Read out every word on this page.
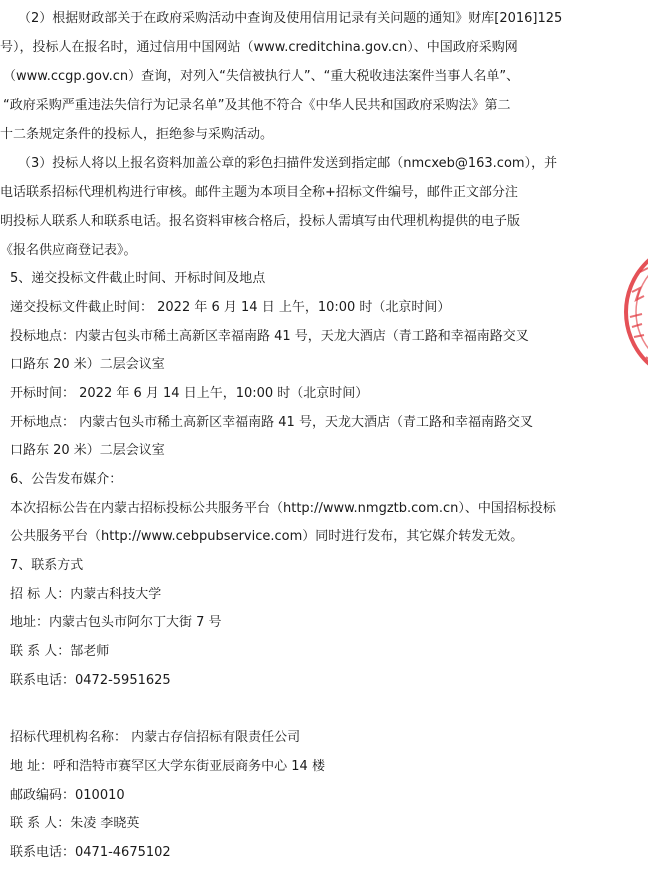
（2）根据财政部关于在政府采购活动中查询及使用信用记录有关问题的通知》财库[2016]125
号），投标人在报名时，通过信用中国网站（www.creditchina.gov.cn）、中国政府采购网
（www.ccgp.gov.cn）查询，对列入“失信被执行人”、“重大税收违法案件当事人名单”、
“政府采购严重违法失信行为记录名单”及其他不符合《中华人民共和国政府采购法》第二
十二条规定条件的投标人，拒绝参与采购活动。
（3）投标人将以上报名资料加盖公章的彩色扫描件发送到指定邮（nmcxeb@163.com），并
电话联系招标代理机构进行审核。邮件主题为本项目全称+招标文件编号，邮件正文部分注
明投标人联系人和联系电话。报名资料审核合格后，投标人需填写由代理机构提供的电子版
《报名供应商登记表》。
5、递交投标文件截止时间、开标时间及地点
递交投标文件截止时间： 2022 年 6 月 14 日 上午，10:00 时（北京时间）
投标地点：内蒙古包头市稀土高新区幸福南路 41 号，天龙大酒店（青工路和幸福南路交叉
口路东 20 米）二层会议室
开标时间： 2022 年 6 月 14 日上午，10:00 时（北京时间）
开标地点： 内蒙古包头市稀土高新区幸福南路 41 号，天龙大酒店（青工路和幸福南路交叉
口路东 20 米）二层会议室
6、公告发布媒介：
本次招标公告在内蒙古招标投标公共服务平台（http://www.nmgztb.com.cn）、中国招标投标
公共服务平台（http://www.cebpubservice.com）同时进行发布，其它媒介转发无效。
7、联系方式
招 标 人：内蒙古科技大学
地址：内蒙古包头市阿尔丁大街 7 号
联 系 人：郜老师
联系电话：0472-5951625
招标代理机构名称： 内蒙古存信招标有限责任公司
地 址：呼和浩特市赛罕区大学东街亚辰商务中心 14 楼
邮政编码：010010
联 系 人：朱凌 李晓英
联系电话：0471-4675102
